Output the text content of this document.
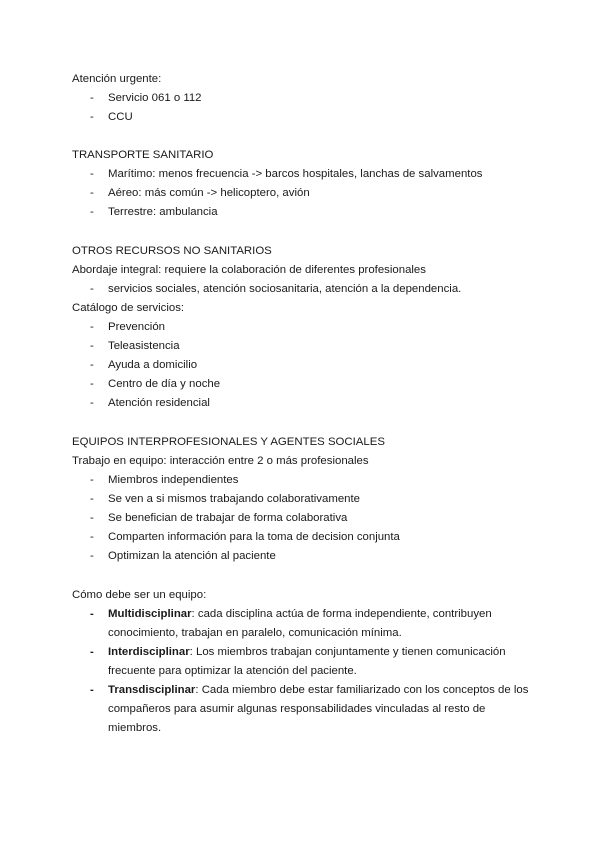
Atención urgente:
- Servicio 061 o 112
- CCU
TRANSPORTE SANITARIO
- Marítimo: menos frecuencia -> barcos hospitales, lanchas de salvamentos
- Aéreo: más común -> helicoptero, avión
- Terrestre: ambulancia
OTROS RECURSOS NO SANITARIOS
Abordaje integral: requiere la colaboración de diferentes profesionales
- servicios sociales, atención sociosanitaria, atención a la dependencia.
Catálogo de servicios:
- Prevención
- Teleasistencia
- Ayuda a domicilio
- Centro de día y noche
- Atención residencial
EQUIPOS INTERPROFESIONALES Y AGENTES SOCIALES
Trabajo en equipo: interacción entre 2 o más profesionales
- Miembros independientes
- Se ven a si mismos trabajando colaborativamente
- Se benefician de trabajar de forma colaborativa
- Comparten información para la toma de decision conjunta
- Optimizan la atención al paciente
Cómo debe ser un equipo:
- Multidisciplinar: cada disciplina actúa de forma independiente, contribuyen
conocimiento, trabajan en paralelo, comunicación mínima.
- Interdisciplinar: Los miembros trabajan conjuntamente y tienen comunicación
frecuente para optimizar la atención del paciente.
- Transdisciplinar: Cada miembro debe estar familiarizado con los conceptos de los
compañeros para asumir algunas responsabilidades vinculadas al resto de
miembros.
